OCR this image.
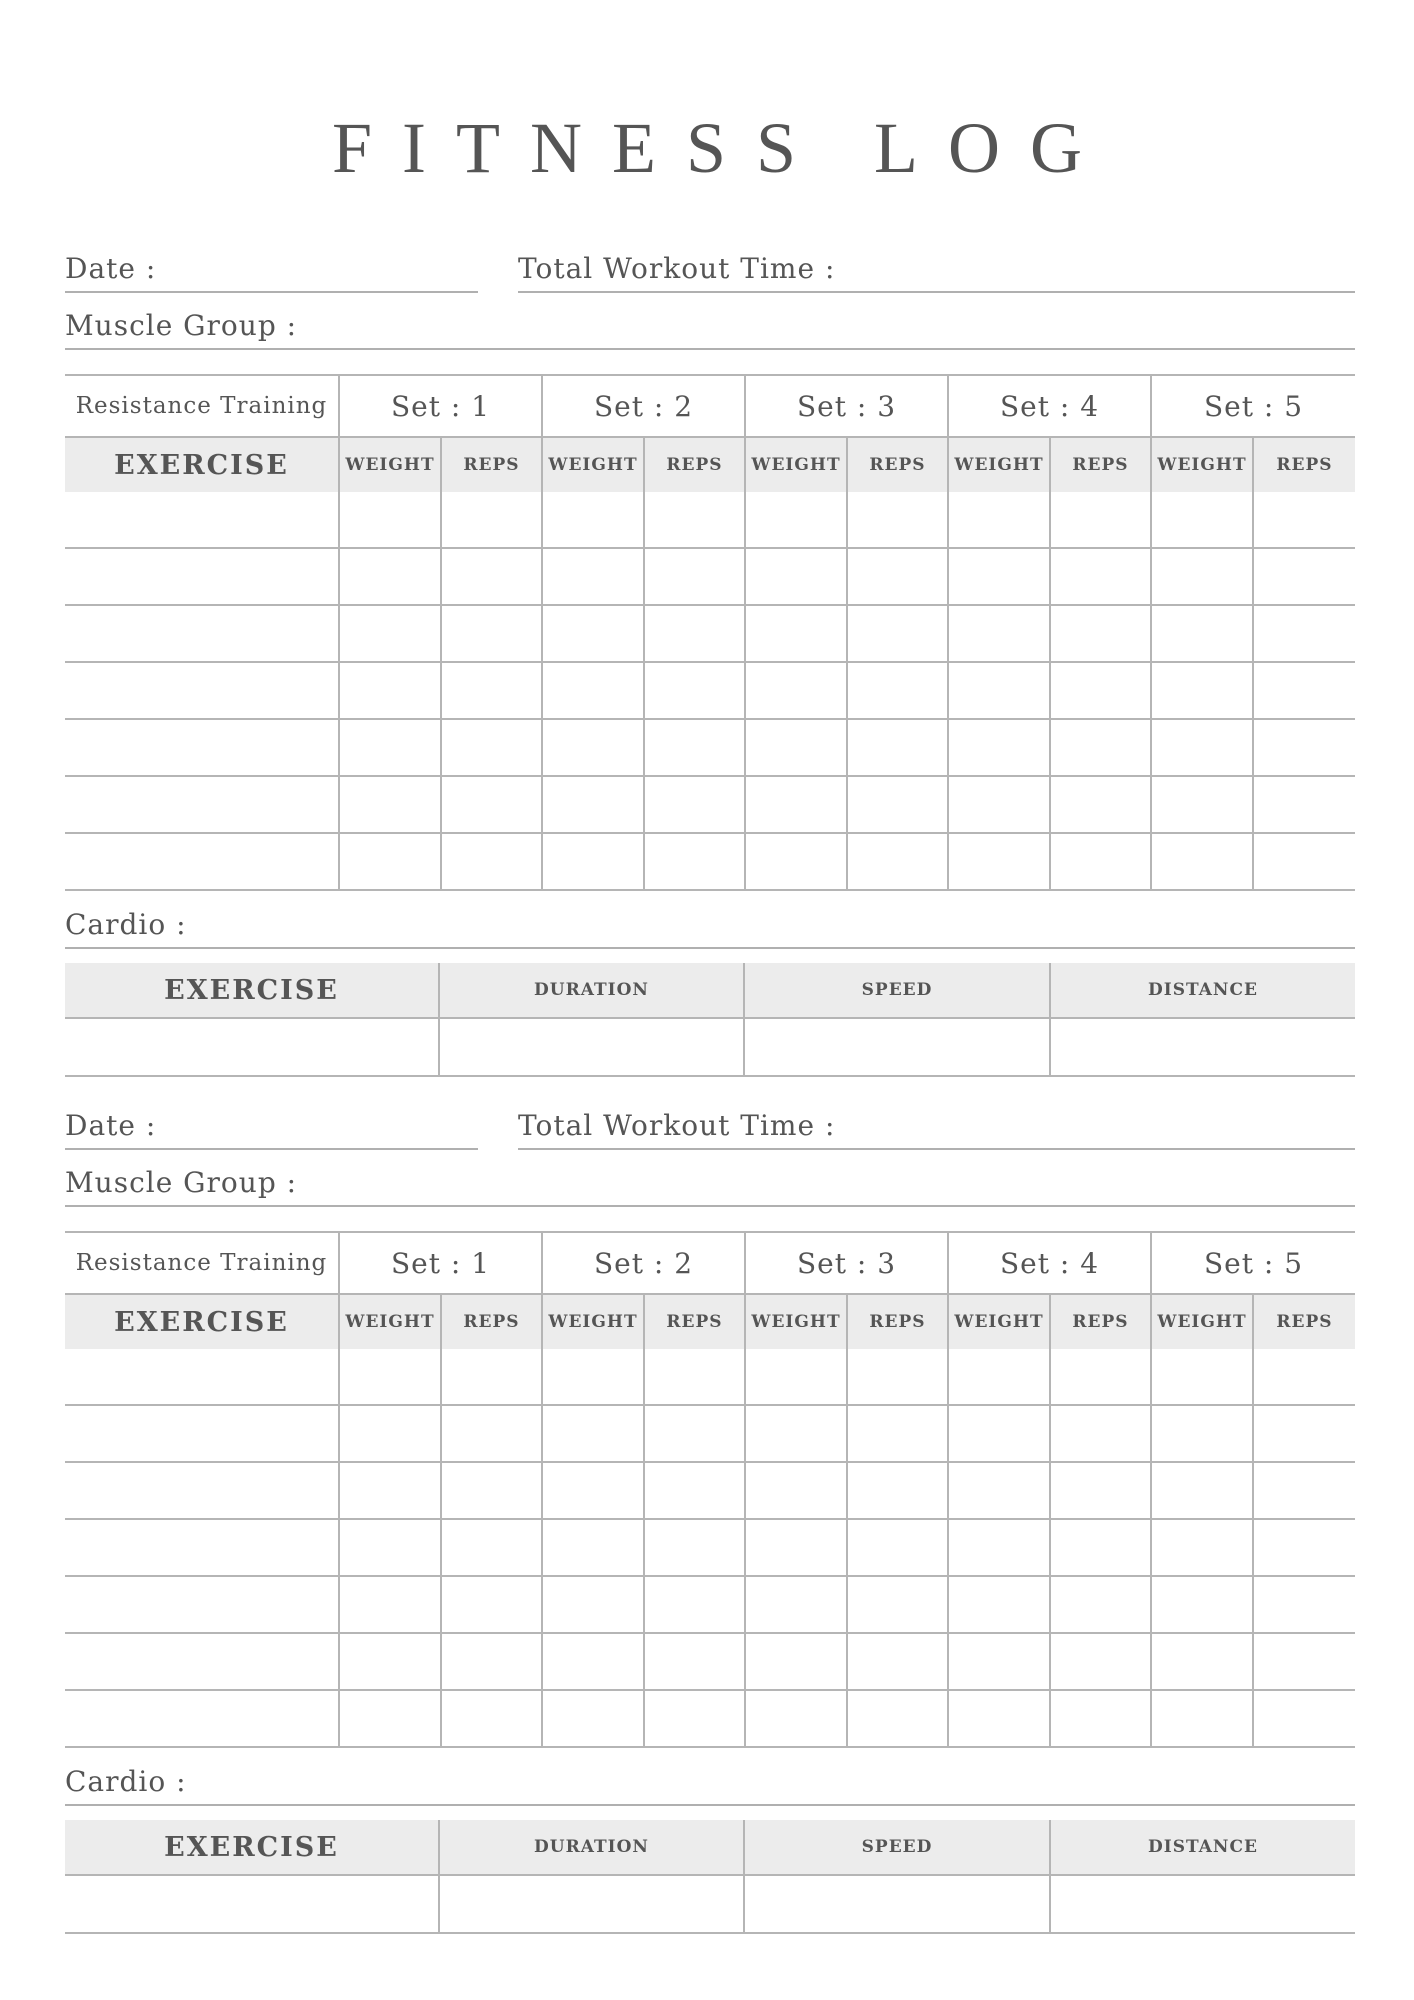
FITNESS LOG
Date :	Total Workout Time :
Muscle Group :
Resistance Training	Set : 1		Set : 2		Set : 3		Set : 4		Set : 5	
EXERCISE	WEIGHT	REPS	WEIGHT	REPS	WEIGHT	REPS	WEIGHT	REPS	WEIGHT	REPS

Cardio :
EXERCISE	DURATION	SPEED	DISTANCE

Date :	Total Workout Time :
Muscle Group :
Resistance Training	Set : 1		Set : 2		Set : 3		Set : 4		Set : 5	
EXERCISE	WEIGHT	REPS	WEIGHT	REPS	WEIGHT	REPS	WEIGHT	REPS	WEIGHT	REPS

Cardio :
EXERCISE	DURATION	SPEED	DISTANCE
